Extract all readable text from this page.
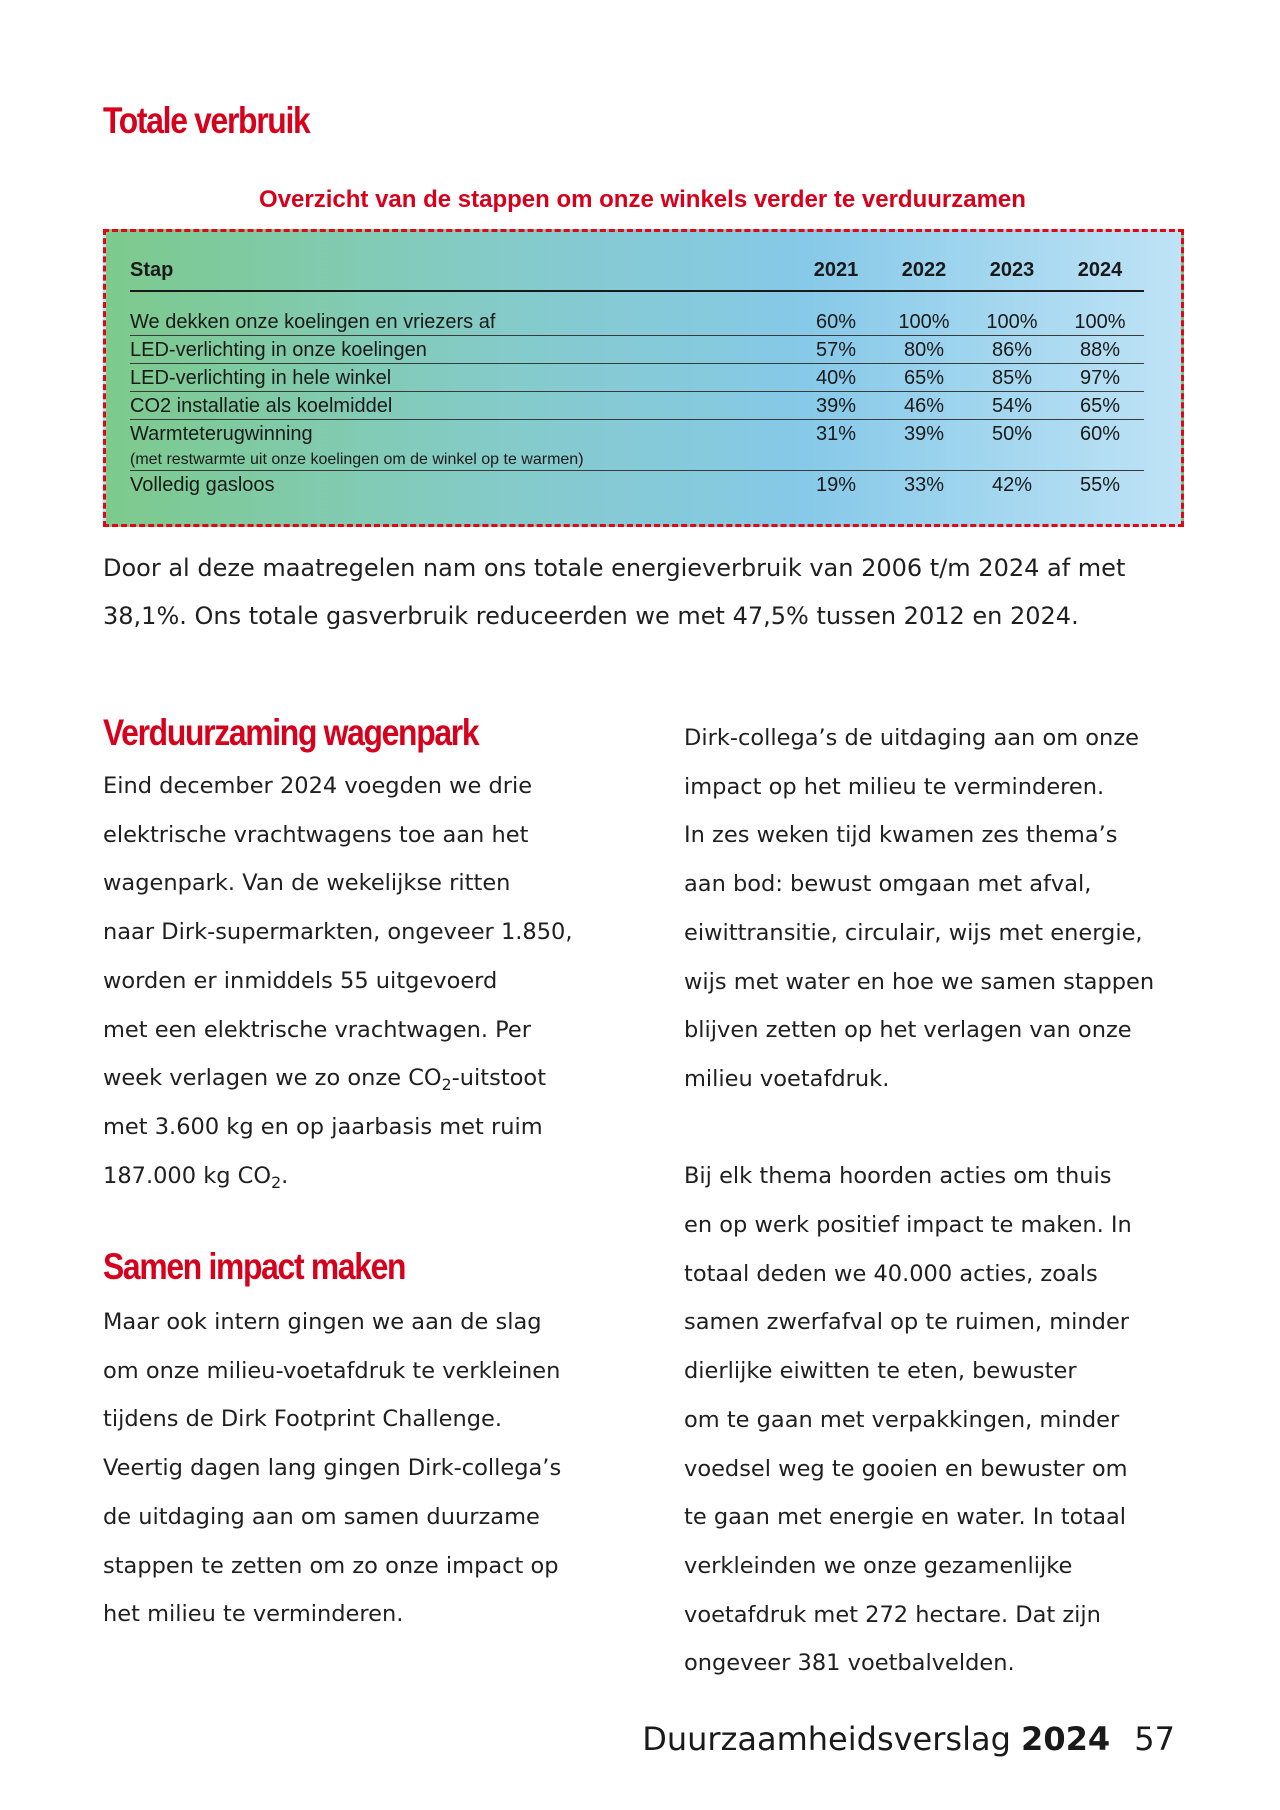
Totale verbruik
Overzicht van de stappen om onze winkels verder te verduurzamen
Stap	2021	2022	2023	2024

We dekken onze koelingen en vriezers af	60%	100%	100%	100%
LED-verlichting in onze koelingen	57%	80%	86%	88%
LED-verlichting in hele winkel	40%	65%	85%	97%
CO2 installatie als koelmiddel	39%	46%	54%	65%
Warmteterugwinning	31%	39%	50%	60%
(met restwarmte uit onze koelingen om de winkel op te warmen)				
Volledig gasloos	19%	33%	42%	55%
Door al deze maatregelen nam ons totale energieverbruik van 2006 t/m 2024 af met
38,1%. Ons totale gasverbruik reduceerden we met 47,5% tussen 2012 en 2024.
Verduurzaming wagenpark

Eind december 2024 voegden we drie

elektrische vrachtwagens toe aan het

wagenpark. Van de wekelijkse ritten

naar Dirk-supermarkten, ongeveer 1.850,

worden er inmiddels 55 uitgevoerd

met een elektrische vrachtwagen. Per

week verlagen we zo onze $CO_2$-uitstoot

met 3.600 kg en op jaarbasis met ruim

187.000 kg $CO_2$.

Samen impact maken

Maar ook intern gingen we aan de slag

om onze milieu-voetafdruk te verkleinen

tijdens de Dirk Footprint Challenge.

Veertig dagen lang gingen Dirk-collega’s

de uitdaging aan om samen duurzame

stappen te zetten om zo onze impact op

het milieu te verminderen.

Dirk-collega’s de uitdaging aan om onze

impact op het milieu te verminderen.

In zes weken tijd kwamen zes thema’s

aan bod: bewust omgaan met afval,

eiwittransitie, circulair, wijs met energie,

wijs met water en hoe we samen stappen

blijven zetten op het verlagen van onze

milieu voetafdruk.

Bij elk thema hoorden acties om thuis

en op werk positief impact te maken. In

totaal deden we 40.000 acties, zoals

samen zwerfafval op te ruimen, minder

dierlijke eiwitten te eten, bewuster

om te gaan met verpakkingen, minder

voedsel weg te gooien en bewuster om

te gaan met energie en water. In totaal

verkleinden we onze gezamenlijke

voetafdruk met 272 hectare. Dat zijn

ongeveer 381 voetbalvelden.

Duurzaamheidsverslag 2024 57
